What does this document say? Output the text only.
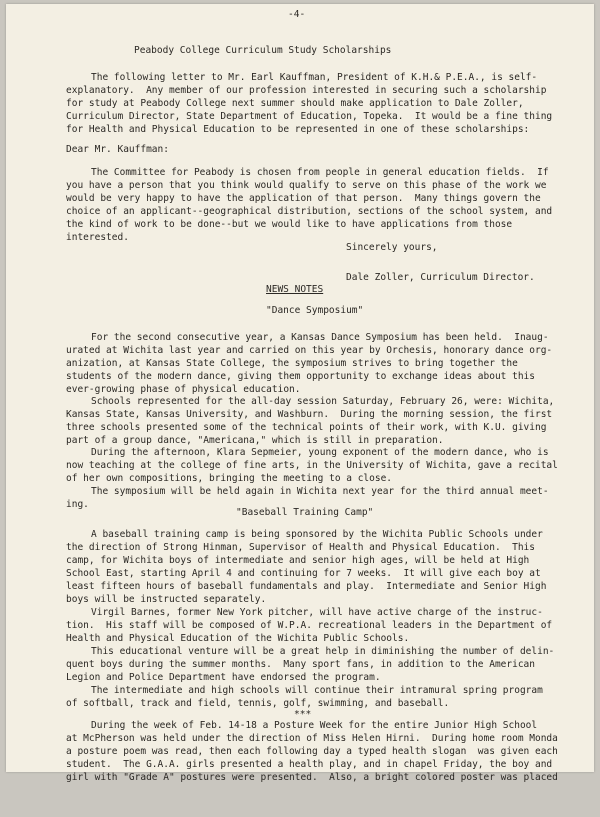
-4-

Peabody College Curriculum Study Scholarships

The following letter to Mr. Earl Kauffman, President of K.H.& P.E.A., is self-

explanatory.  Any member of our profession interested in securing such a scholarship

for study at Peabody College next summer should make application to Dale Zoller,

Curriculum Director, State Department of Education, Topeka.  It would be a fine thing

for Health and Physical Education to be represented in one of these scholarships:

Dear Mr. Kauffman:

The Committee for Peabody is chosen from people in general education fields.  If

you have a person that you think would qualify to serve on this phase of the work we

would be very happy to have the application of that person.  Many things govern the

choice of an applicant--geographical distribution, sections of the school system, and

the kind of work to be done--but we would like to have applications from those

interested.

Sincerely yours,

Dale Zoller, Curriculum Director.

NEWS NOTES

"Dance Symposium"

For the second consecutive year, a Kansas Dance Symposium has been held.  Inaug-

urated at Wichita last year and carried on this year by Orchesis, honorary dance org-

anization, at Kansas State College, the symposium strives to bring together the

students of the modern dance, giving them opportunity to exchange ideas about this

ever-growing phase of physical education.

Schools represented for the all-day session Saturday, February 26, were: Wichita,

Kansas State, Kansas University, and Washburn.  During the morning session, the first

three schools presented some of the technical points of their work, with K.U. giving

part of a group dance, "Americana," which is still in preparation.

During the afternoon, Klara Sepmeier, young exponent of the modern dance, who is

now teaching at the college of fine arts, in the University of Wichita, gave a recital

of her own compositions, bringing the meeting to a close.

The symposium will be held again in Wichita next year for the third annual meet-

ing.

"Baseball Training Camp"

A baseball training camp is being sponsored by the Wichita Public Schools under

the direction of Strong Hinman, Supervisor of Health and Physical Education.  This

camp, for Wichita boys of intermediate and senior high ages, will be held at High

School East, starting April 4 and continuing for 7 weeks.  It will give each boy at

least fifteen hours of baseball fundamentals and play.  Intermediate and Senior High

boys will be instructed separately.

Virgil Barnes, former New York pitcher, will have active charge of the instruc-

tion.  His staff will be composed of W.P.A. recreational leaders in the Department of

Health and Physical Education of the Wichita Public Schools.

This educational venture will be a great help in diminishing the number of delin-

quent boys during the summer months.  Many sport fans, in addition to the American

Legion and Police Department have endorsed the program.

The intermediate and high schools will continue their intramural spring program

of softball, track and field, tennis, golf, swimming, and baseball.

***

During the week of Feb. 14-18 a Posture Week for the entire Junior High School

at McPherson was held under the direction of Miss Helen Hirni.  During home room Monda

a posture poem was read, then each following day a typed health slogan  was given each

student.  The G.A.A. girls presented a health play, and in chapel Friday, the boy and

girl with "Grade A" postures were presented.  Also, a bright colored poster was placed
